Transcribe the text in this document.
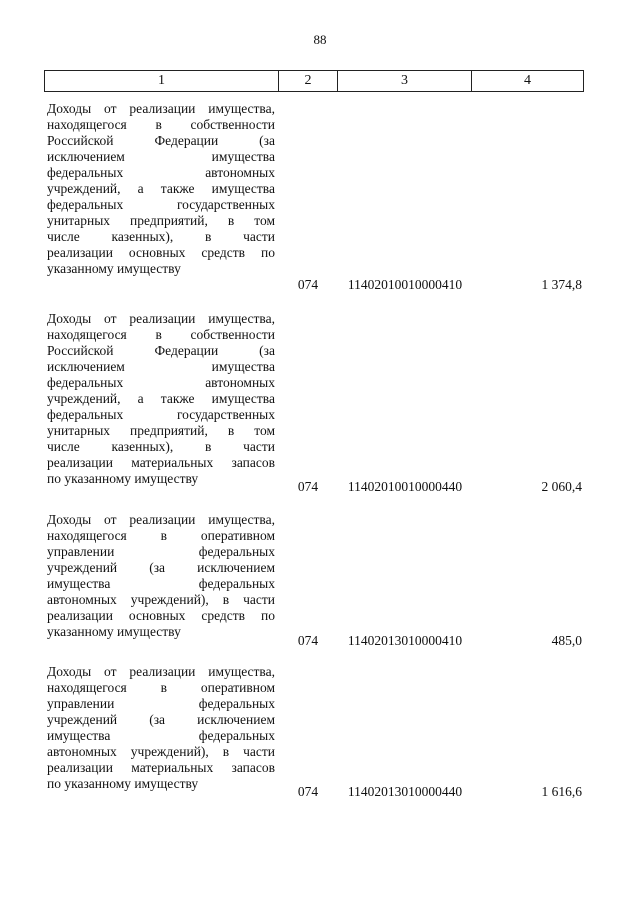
88
1	2	3	4

Доходы от реализации имущества,
находящегося в собственности
Российской Федерации (за
исключением имущества
федеральных автономных
учреждений, а также имущества
федеральных государственных
унитарных предприятий, в том
числе казенных), в части
реализации основных средств по
указанному имуществу

074	11402010010000410	1 374,8

Доходы от реализации имущества,
находящегося в собственности
Российской Федерации (за
исключением имущества
федеральных автономных
учреждений, а также имущества
федеральных государственных
унитарных предприятий, в том
числе казенных), в части
реализации материальных запасов
по указанному имуществу

074	11402010010000440	2 060,4

Доходы от реализации имущества,
находящегося в оперативном
управлении федеральных
учреждений (за исключением
имущества федеральных
автономных учреждений), в части
реализации основных средств по
указанному имуществу

074	11402013010000410	485,0

Доходы от реализации имущества,
находящегося в оперативном
управлении федеральных
учреждений (за исключением
имущества федеральных
автономных учреждений), в части
реализации материальных запасов
по указанному имуществу

074	11402013010000440	1 616,6
